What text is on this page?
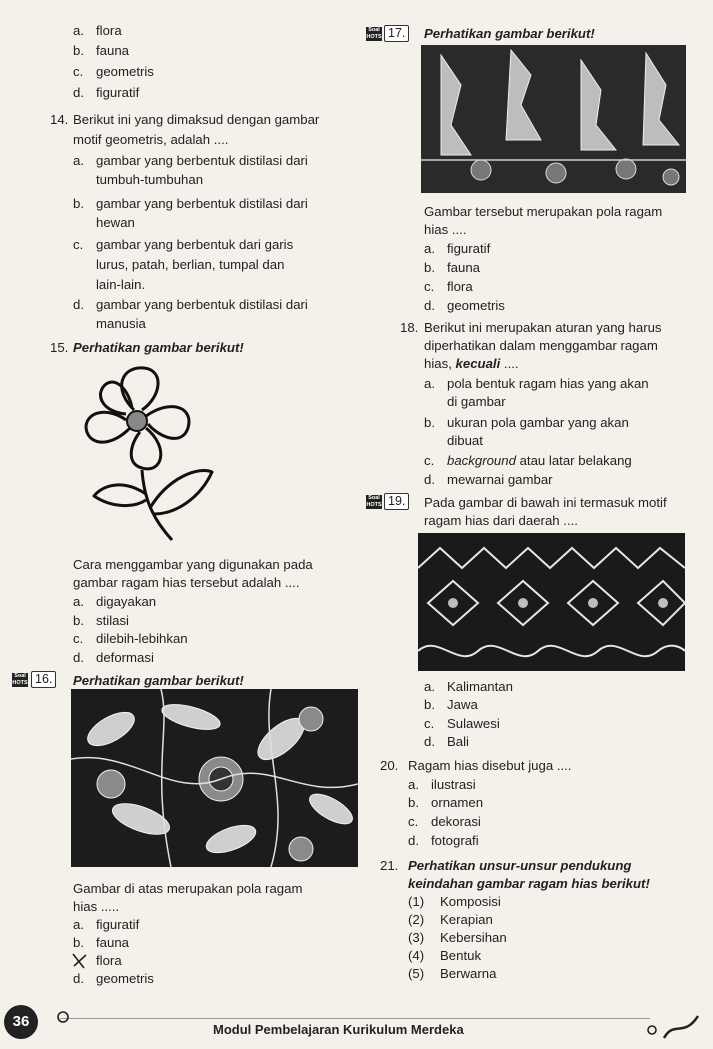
a. flora
b. fauna
c. geometris
d. figuratif
14. Berikut ini yang dimaksud dengan gambar
motif geometris, adalah ....
a. gambar yang berbentuk distilasi dari
tumbuh-tumbuhan
b. gambar yang berbentuk distilasi dari
hewan
c. gambar yang berbentuk dari garis
lurus, patah, berlian, tumpal dan
lain-lain.
d. gambar yang berbentuk distilasi dari
manusia
15. Perhatikan gambar berikut!
Cara menggambar yang digunakan pada
gambar ragam hias tersebut adalah ....
a. digayakan
b. stilasi
c. dilebih-lebihkan
d. deformasi
Soal HOTS 16.	Perhatikan gambar berikut!
Gambar di atas merupakan pola ragam
hias .....
a. figuratif
b. fauna
flora
d. geometris
Soal HOTS 17.	Perhatikan gambar berikut!
Gambar tersebut merupakan pola ragam
hias ....
a. figuratif
b. fauna
c. flora
d. geometris
18. Berikut ini merupakan aturan yang harus
diperhatikan dalam menggambar ragam
hias, kecuali ....
a. pola bentuk ragam hias yang akan
di gambar
b. ukuran pola gambar yang akan
dibuat
c. background atau latar belakang
d. mewarnai gambar
Soal HOTS 19.	Pada gambar di bawah ini termasuk motif
ragam hias dari daerah ....
a. Kalimantan
b. Jawa
c. Sulawesi
d. Bali
20. Ragam hias disebut juga ....
a. ilustrasi
b. ornamen
c. dekorasi
d. fotografi
21. Perhatikan unsur-unsur pendukung
keindahan gambar ragam hias berikut!
(1) Komposisi
(2) Kerapian
(3) Kebersihan
(4) Bentuk
(5) Berwarna
36	Modul Pembelajaran Kurikulum Merdeka
